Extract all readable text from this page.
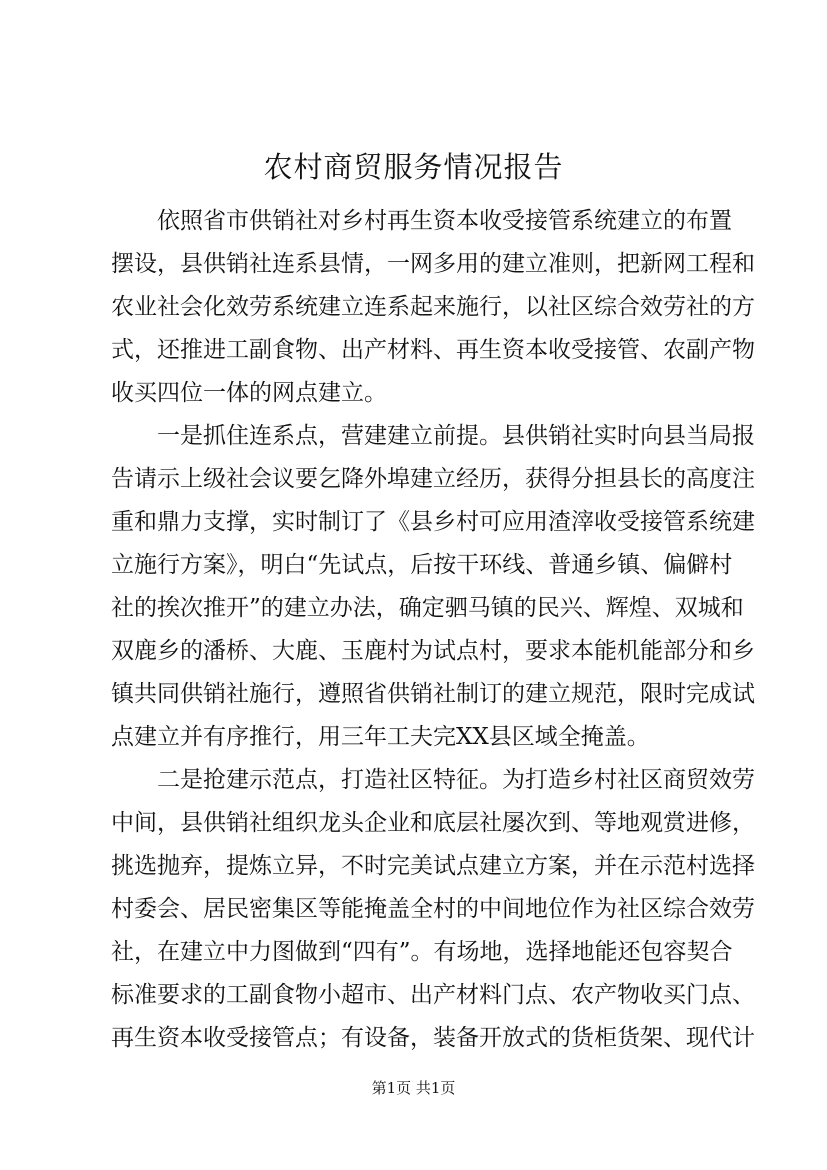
农村商贸服务情况报告
依照省市供销社对乡村再生资本收受接管系统建立的布置
摆设，县供销社连系县情，一网多用的建立准则，把新网工程和
农业社会化效劳系统建立连系起来施行，以社区综合效劳社的方
式，还推进工副食物、出产材料、再生资本收受接管、农副产物
收买四位一体的网点建立。
一是抓住连系点，营建建立前提。县供销社实时向县当局报
告请示上级社会议要乞降外埠建立经历，获得分担县长的高度注
重和鼎力支撑，实时制订了《县乡村可应用渣滓收受接管系统建
立施行方案》，明白“先试点，后按干环线、普通乡镇、偏僻村
社的挨次推开”的建立办法，确定驷马镇的民兴、辉煌、双城和
双鹿乡的潘桥、大鹿、玉鹿村为试点村，要求本能机能部分和乡
镇共同供销社施行，遵照省供销社制订的建立规范，限时完成试
点建立并有序推行，用三年工夫完XX县区域全掩盖。
二是抢建示范点，打造社区特征。为打造乡村社区商贸效劳
中间，县供销社组织龙头企业和底层社屡次到、等地观赏进修，
挑选抛弃，提炼立异，不时完美试点建立方案，并在示范村选择
村委会、居民密集区等能掩盖全村的中间地位作为社区综合效劳
社，在建立中力图做到“四有”。有场地，选择地能还包容契合
标准要求的工副食物小超市、出产材料门点、农产物收买门点、
再生资本收受接管点；有设备，装备开放式的货柜货架、现代计
第1页 共1页
